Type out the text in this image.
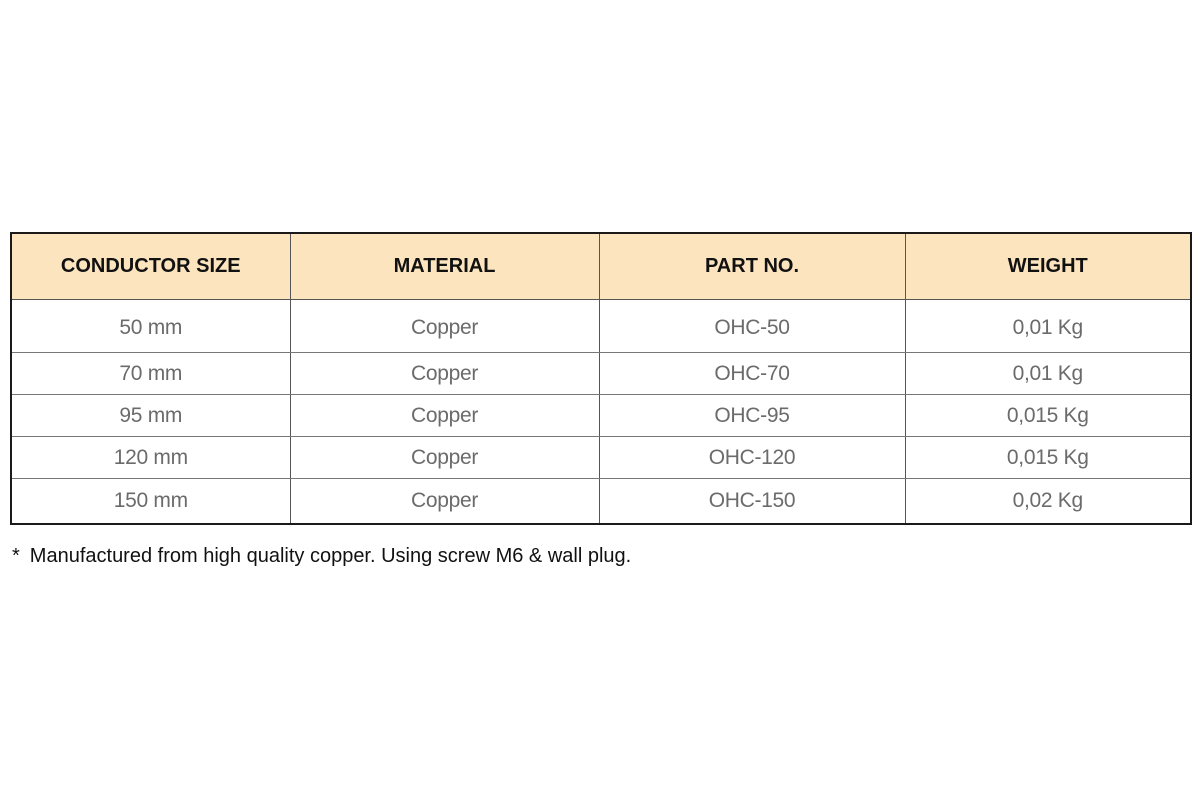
CONDUCTOR SIZE	MATERIAL	PART NO.	WEIGHT
50 mm	Copper	OHC-50	0,01 Kg
70 mm	Copper	OHC-70	0,01 Kg
95 mm	Copper	OHC-95	0,015 Kg
120 mm	Copper	OHC-120	0,015 Kg
150 mm	Copper	OHC-150	0,02 Kg
* Manufactured from high quality copper. Using screw M6 & wall plug.
